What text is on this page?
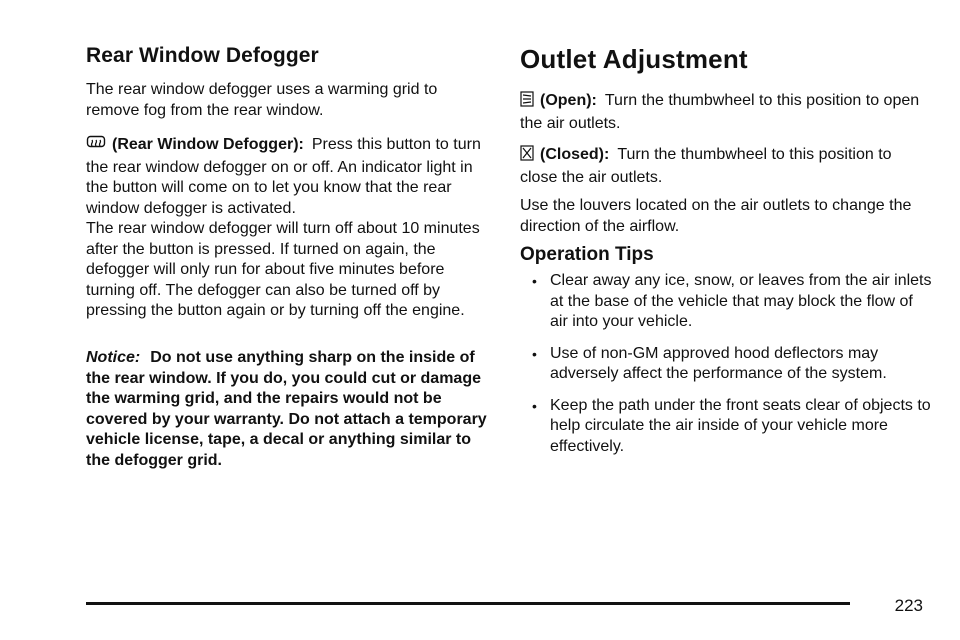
Rear Window Defogger

The rear window defogger uses a warming grid to remove fog from the rear window.

(Rear Window Defogger): Press this button to turn the rear window defogger on or off. An indicator light in the button will come on to let you know that the rear window defogger is activated.

The rear window defogger will turn off about 10 minutes after the button is pressed. If turned on again, the defogger will only run for about five minutes before turning off. The defogger can also be turned off by pressing the button again or by turning off the engine.

Notice: Do not use anything sharp on the inside of the rear window. If you do, you could cut or damage the warming grid, and the repairs would not be covered by your warranty. Do not attach a temporary vehicle license, tape, a decal or anything similar to the defogger grid.

Outlet Adjustment

(Open): Turn the thumbwheel to this position to open the air outlets.

(Closed): Turn the thumbwheel to this position to close the air outlets.

Use the louvers located on the air outlets to change the direction of the airflow.

Operation Tips
• Clear away any ice, snow, or leaves from the air inlets at the base of the vehicle that may block the flow of air into your vehicle.
• Use of non-GM approved hood deflectors may adversely affect the performance of the system.
• Keep the path under the front seats clear of objects to help circulate the air inside of your vehicle more effectively.
223
